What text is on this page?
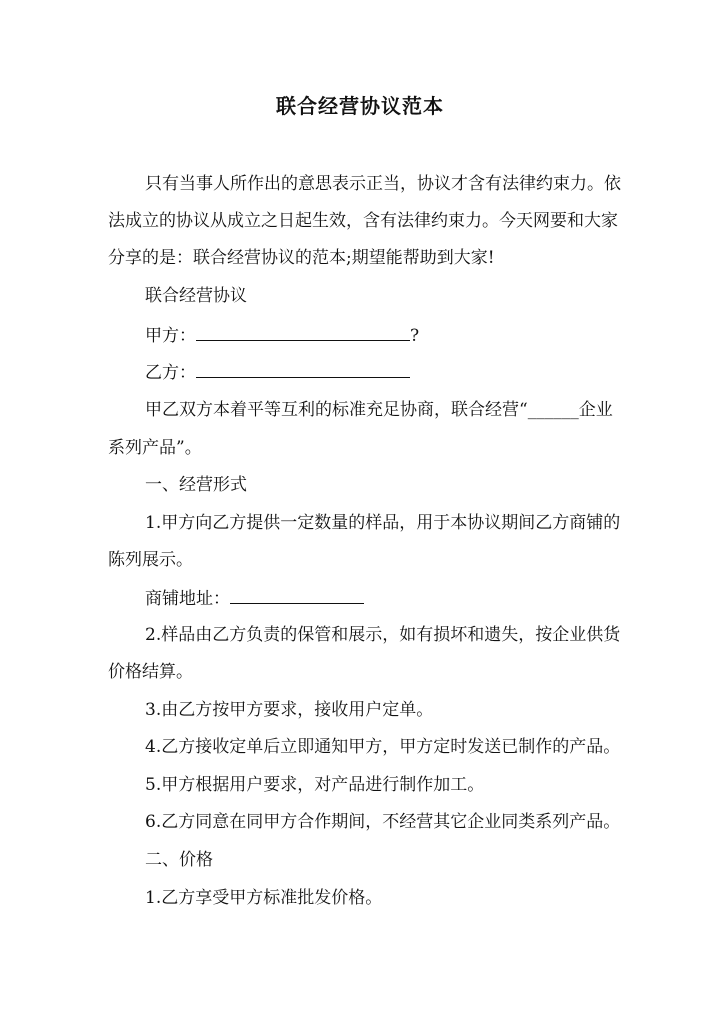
联合经营协议范本
只有当事人所作出的意思表示正当，协议才含有法律约束力。依
法成立的协议从成立之日起生效，含有法律约束力。今天网要和大家
分享的是：联合经营协议的范本;期望能帮助到大家!
联合经营协议
甲方：	?
乙方：
甲乙双方本着平等互利的标准充足协商，联合经营“______企业
系列产品”。
一、经营形式
1.甲方向乙方提供一定数量的样品，用于本协议期间乙方商铺的
陈列展示。
商铺地址：
2.样品由乙方负责的保管和展示，如有损坏和遗失，按企业供货
价格结算。
3.由乙方按甲方要求，接收用户定单。
4.乙方接收定单后立即通知甲方，甲方定时发送已制作的产品。
5.甲方根据用户要求，对产品进行制作加工。
6.乙方同意在同甲方合作期间，不经营其它企业同类系列产品。
二、价格
1.乙方享受甲方标准批发价格。
